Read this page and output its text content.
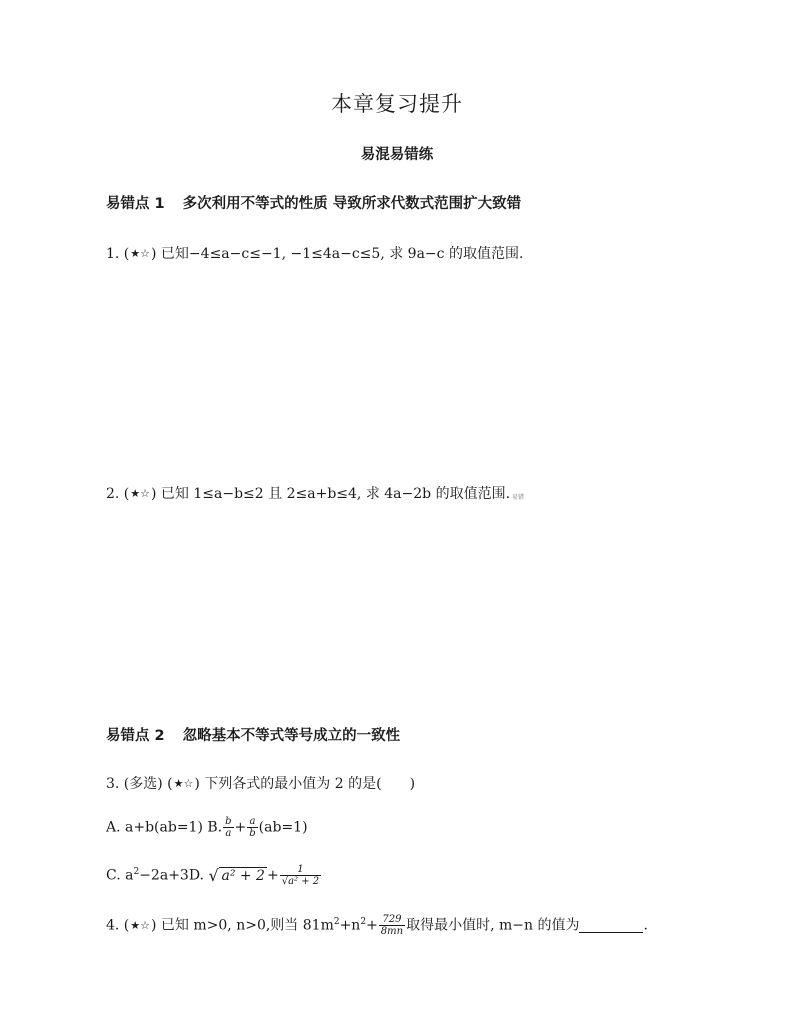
本章复习提升
易混易错练
易错点 1 多次利用不等式的性质 导致所求代数式范围扩大致错
1. (★☆) 已知−4≤a−c≤−1, −1≤4a−c≤5, 求 9a−c 的取值范围.
2. (★☆) 已知 1≤a−b≤2 且 2≤a+b≤4, 求 4a−2b 的取值范围. 易错
易错点 2 忽略基本不等式等号成立的一致性
3. (多选) (★☆) 下列各式的最小值为 2 的是(　　)
A. a+b(ab=1) B. $\frac{b}{a} + \frac{a}{b} (ab=1)$
C. $a^2-2a+3D$. √ $a^2 + 2 + \frac{1}{\text{√a² + 2}}$
4. (★☆) 已知 m>0, n>0,则当 $81m^2+n^2+ \frac{729}{8mn}$ 取得最小值时, m−n 的值为	.
